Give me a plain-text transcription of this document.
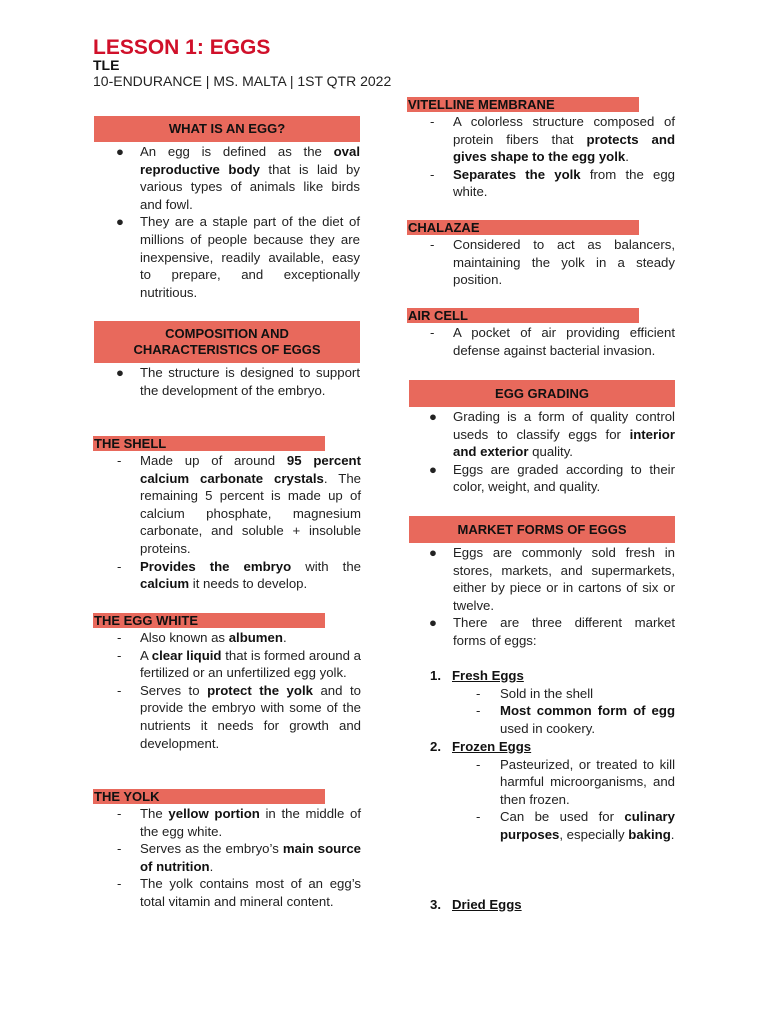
LESSON 1: EGGS
TLE
10-ENDURANCE | MS. MALTA | 1ST QTR 2022
WHAT IS AN EGG?
● An egg is defined as the oval reproductive body that is laid by various types of animals like birds and fowl.
● They are a staple part of the diet of millions of people because they are inexpensive, readily available, easy to prepare, and exceptionally nutritious.
COMPOSITION AND
CHARACTERISTICS OF EGGS
● The structure is designed to support the development of the embryo.
THE SHELL
- Made up of around 95 percent calcium carbonate crystals. The remaining 5 percent is made up of calcium phosphate, magnesium carbonate, and soluble + insoluble proteins.
- Provides the embryo with the calcium it needs to develop.
THE EGG WHITE
- Also known as albumen.
- A clear liquid that is formed around a fertilized or an unfertilized egg yolk.
- Serves to protect the yolk and to provide the embryo with some of the nutrients it needs for growth and development.
THE YOLK
- The yellow portion in the middle of the egg white.
- Serves as the embryo’s main source of nutrition.
- The yolk contains most of an egg’s total vitamin and mineral content.
VITELLINE MEMBRANE
- A colorless structure composed of protein fibers that protects and gives shape to the egg yolk.
- Separates the yolk from the egg white.
CHALAZAE
- Considered to act as balancers, maintaining the yolk in a steady position.
AIR CELL
- A pocket of air providing efficient defense against bacterial invasion.
EGG GRADING
● Grading is a form of quality control useds to classify eggs for interior and exterior quality.
● Eggs are graded according to their color, weight, and quality.
MARKET FORMS OF EGGS
● Eggs are commonly sold fresh in stores, markets, and supermarkets, either by piece or in cartons of six or twelve.
● There are three different market forms of eggs:
1. Fresh Eggs
- Sold in the shell
- Most common form of egg used in cookery.
2. Frozen Eggs
- Pasteurized, or treated to kill harmful microorganisms, and then frozen.
- Can be used for culinary purposes, especially baking.
3. Dried Eggs
